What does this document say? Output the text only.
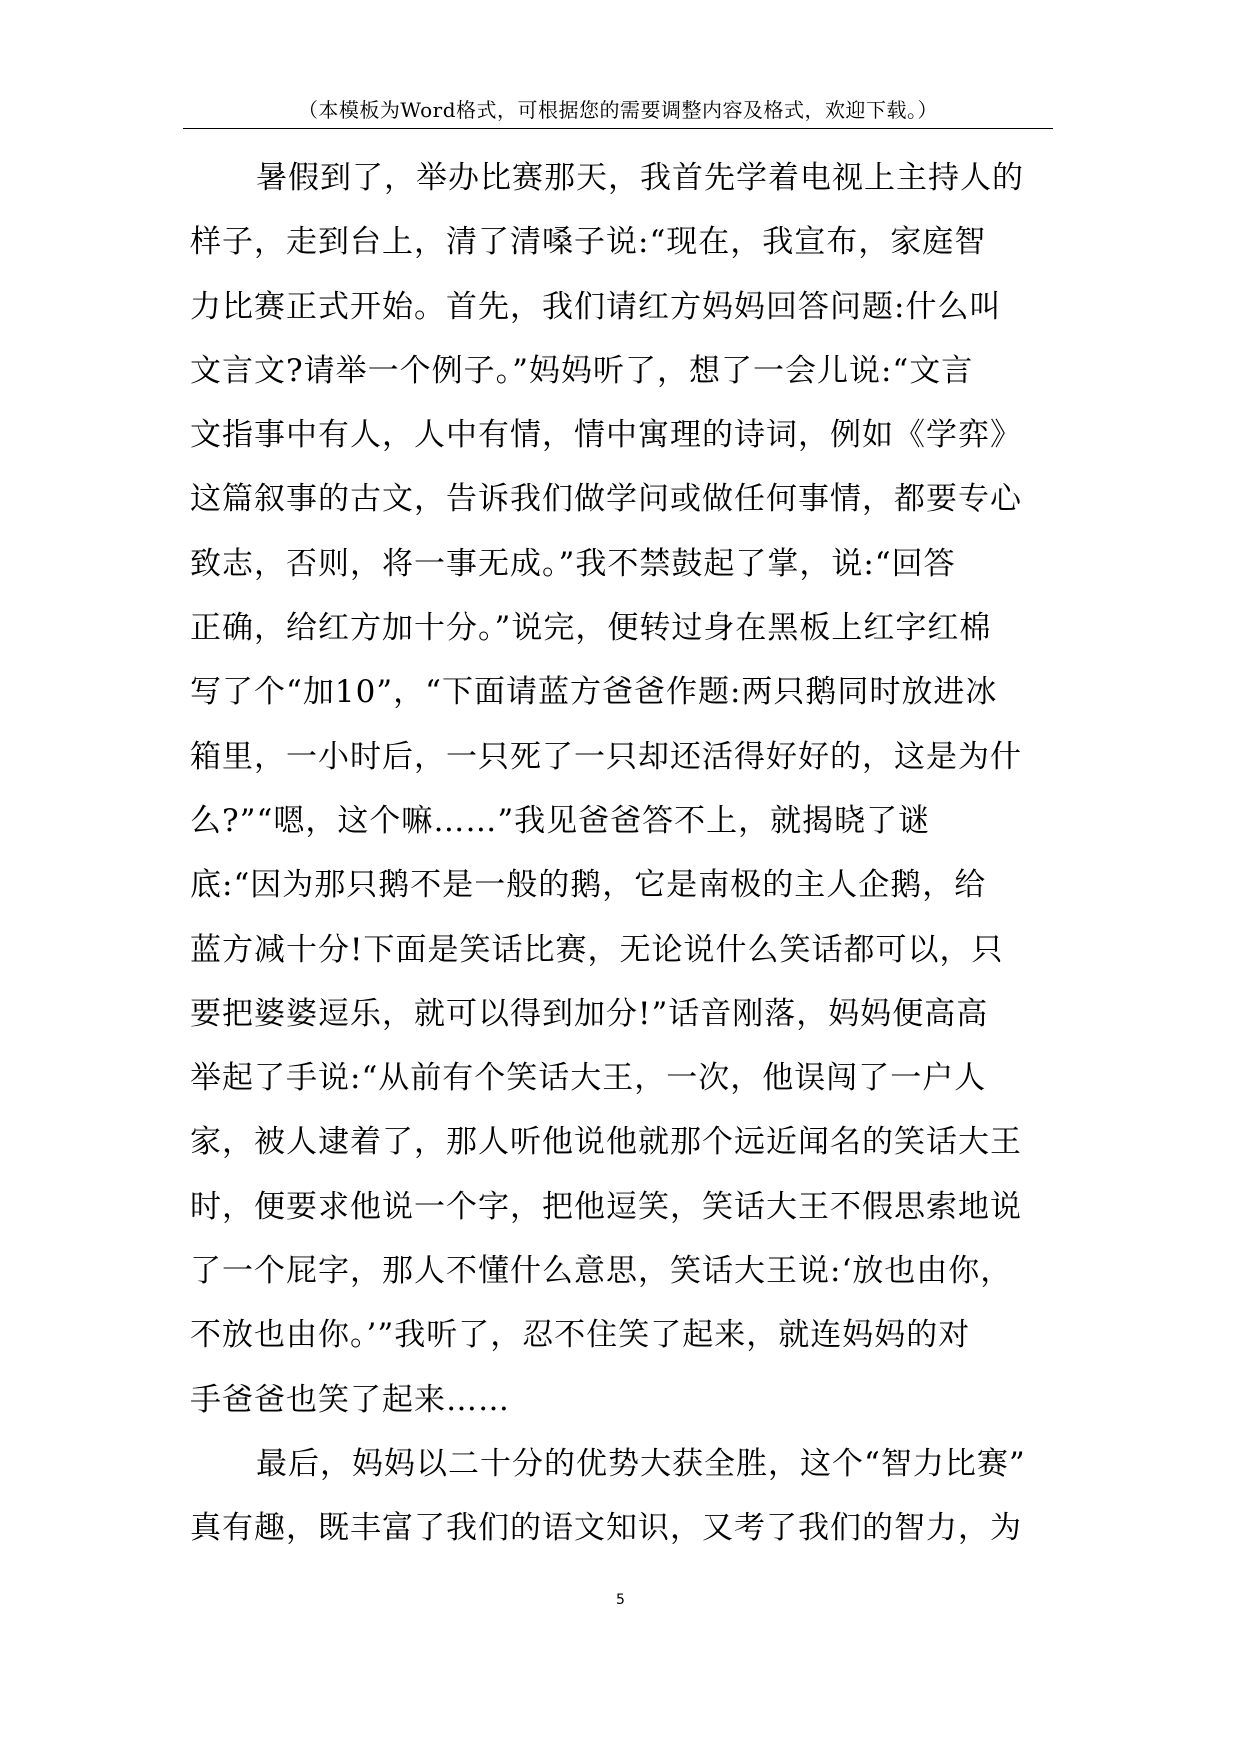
（本模板为Word格式，可根据您的需要调整内容及格式，欢迎下载。）
暑假到了，举办比赛那天，我首先学着电视上主持人的
样子，走到台上，清了清嗓子说:“现在，我宣布，家庭智
力比赛正式开始。首先，我们请红方妈妈回答问题:什么叫
文言文?请举一个例子。”妈妈听了，想了一会儿说:“文言
文指事中有人，人中有情，情中寓理的诗词，例如《学弈》
这篇叙事的古文，告诉我们做学问或做任何事情，都要专心
致志，否则，将一事无成。”我不禁鼓起了掌，说:“回答
正确，给红方加十分。”说完，便转过身在黑板上红字红棉
写了个“加10”，“下面请蓝方爸爸作题:两只鹅同时放进冰
箱里，一小时后，一只死了一只却还活得好好的，这是为什
么?”“嗯，这个嘛……”我见爸爸答不上，就揭晓了谜
底:“因为那只鹅不是一般的鹅，它是南极的主人企鹅，给
蓝方减十分!下面是笑话比赛，无论说什么笑话都可以，只
要把婆婆逗乐，就可以得到加分!”话音刚落，妈妈便高高
举起了手说:“从前有个笑话大王，一次，他误闯了一户人
家，被人逮着了，那人听他说他就那个远近闻名的笑话大王
时，便要求他说一个字，把他逗笑，笑话大王不假思索地说
了一个屁字，那人不懂什么意思，笑话大王说:‘放也由你，
不放也由你。’”我听了，忍不住笑了起来，就连妈妈的对
手爸爸也笑了起来……
最后，妈妈以二十分的优势大获全胜，这个“智力比赛”
真有趣，既丰富了我们的语文知识，又考了我们的智力，为
5
